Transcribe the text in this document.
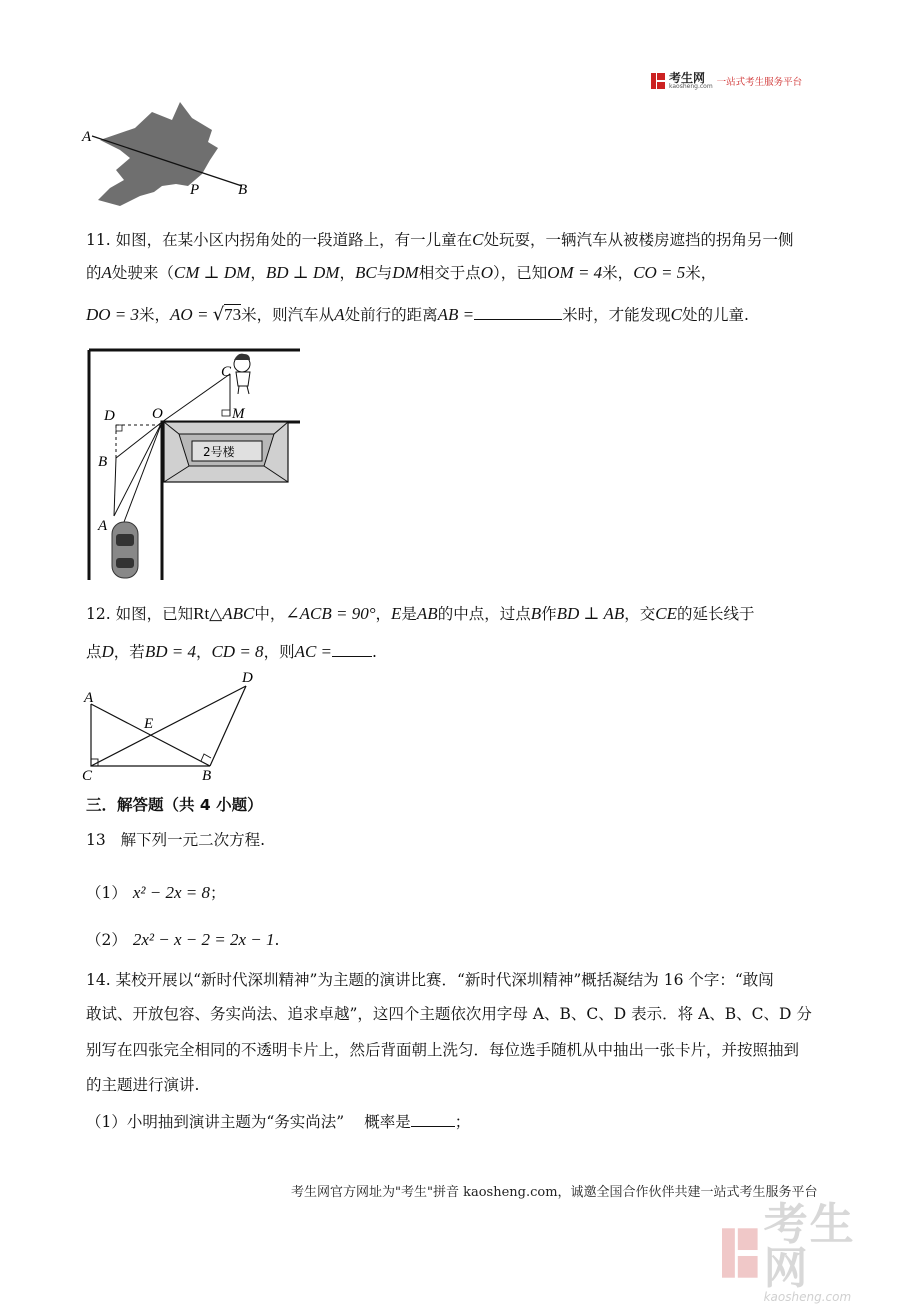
考生网
kaosheng.com 一站式考生服务平台
A
P	B
11. 如图，在某小区内拐角处的一段道路上，有一儿童在C处玩耍，一辆汽车从被楼房遮挡的拐角另一侧
的A处驶来（CM ⊥ DM，BD ⊥ DM，BC与DM相交于点O），已知OM = 4米，CO = 5米，
DO = 3米，AO = √73米，则汽车从A处前行的距离AB =	米时，才能发现C处的儿童.
2号楼
C
D O	M
B
A
12. 如图，已知Rt△ABC中，∠ACB = 90°，E是AB的中点，过点B作BD ⊥ AB，交CE的延长线于
点D，若BD = 4，CD = 8，则AC =	.
A
D
E
C	B
三．解答题（共 4 小题）
13 解下列一元二次方程.
（1） x² − 2x = 8；
（2） 2x² − x − 2 = 2x − 1.
14. 某校开展以“新时代深圳精神”为主题的演讲比赛．“新时代深圳精神”概括凝结为 16 个字：“敢闯
敢试、开放包容、务实尚法、追求卓越”，这四个主题依次用字母 A、B、C、D 表示．将 A、B、C、D 分
别写在四张完全相同的不透明卡片上，然后背面朝上洗匀．每位选手随机从中抽出一张卡片，并按照抽到
的主题进行演讲.
（1）小明抽到演讲主题为“务实尚法” 概率是	；
考生网官方网址为"考生"拼音 kaosheng.com，诚邀全国合作伙伴共建一站式考生服务平台
考生网
kaosheng.com
